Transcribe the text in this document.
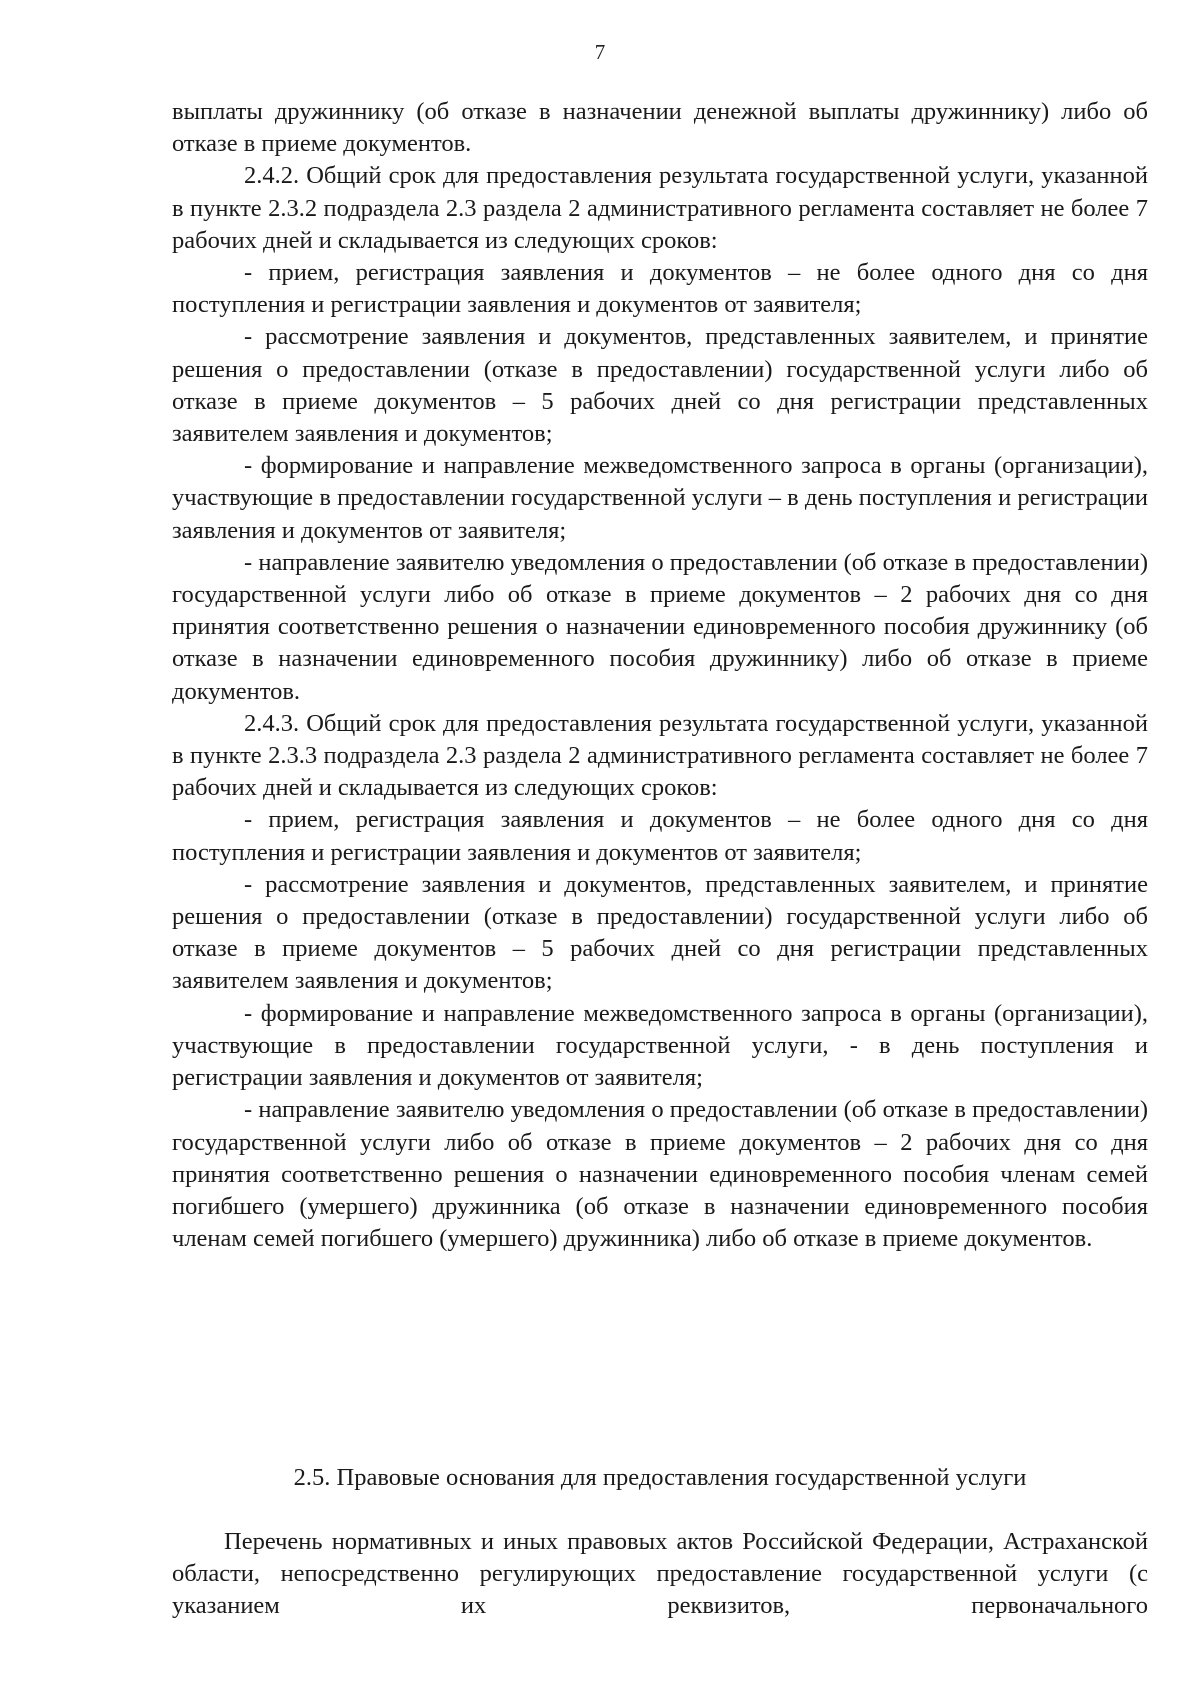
7

выплаты дружиннику (об отказе в назначении денежной выплаты дружиннику) либо об отказе в приеме документов.

2.4.2. Общий срок для предоставления результата государственной услуги, указанной в пункте 2.3.2 подраздела 2.3 раздела 2 административного регламента составляет не более 7 рабочих дней и складывается из следующих сроков:

- прием, регистрация заявления и документов – не более одного дня со дня поступления и регистрации заявления и документов от заявителя;

- рассмотрение заявления и документов, представленных заявителем, и принятие решения о предоставлении (отказе в предоставлении) государственной услуги либо об отказе в приеме документов – 5 рабочих дней со дня регистрации представленных заявителем заявления и документов;

- формирование и направление межведомственного запроса в органы (организации), участвующие в предоставлении государственной услуги – в день поступления и регистрации заявления и документов от заявителя;

- направление заявителю уведомления о предоставлении (об отказе в предоставлении) государственной услуги либо об отказе в приеме документов – 2 рабочих дня со дня принятия соответственно решения о назначении единовременного пособия дружиннику (об отказе в назначении единовременного пособия дружиннику) либо об отказе в приеме документов.

2.4.3. Общий срок для предоставления результата государственной услуги, указанной в пункте 2.3.3 подраздела 2.3 раздела 2 административного регламента составляет не более 7 рабочих дней и складывается из следующих сроков:

- прием, регистрация заявления и документов – не более одного дня со дня поступления и регистрации заявления и документов от заявителя;

- рассмотрение заявления и документов, представленных заявителем, и принятие решения о предоставлении (отказе в предоставлении) государственной услуги либо об отказе в приеме документов – 5 рабочих дней со дня регистрации представленных заявителем заявления и документов;

- формирование и направление межведомственного запроса в органы (организации), участвующие в предоставлении государственной услуги, - в день поступления и регистрации заявления и документов от заявителя;

- направление заявителю уведомления о предоставлении (об отказе в предоставлении) государственной услуги либо об отказе в приеме документов – 2 рабочих дня со дня принятия соответственно решения о назначении единовременного пособия членам семей погибшего (умершего) дружинника (об отказе в назначении единовременного пособия членам семей погибшего (умершего) дружинника) либо об отказе в приеме документов.

2.5. Правовые основания для предоставления государственной услуги

Перечень нормативных и иных правовых актов Российской Федерации, Астраханской области, непосредственно регулирующих предоставление государственной услуги (с указанием их реквизитов, первоначального
